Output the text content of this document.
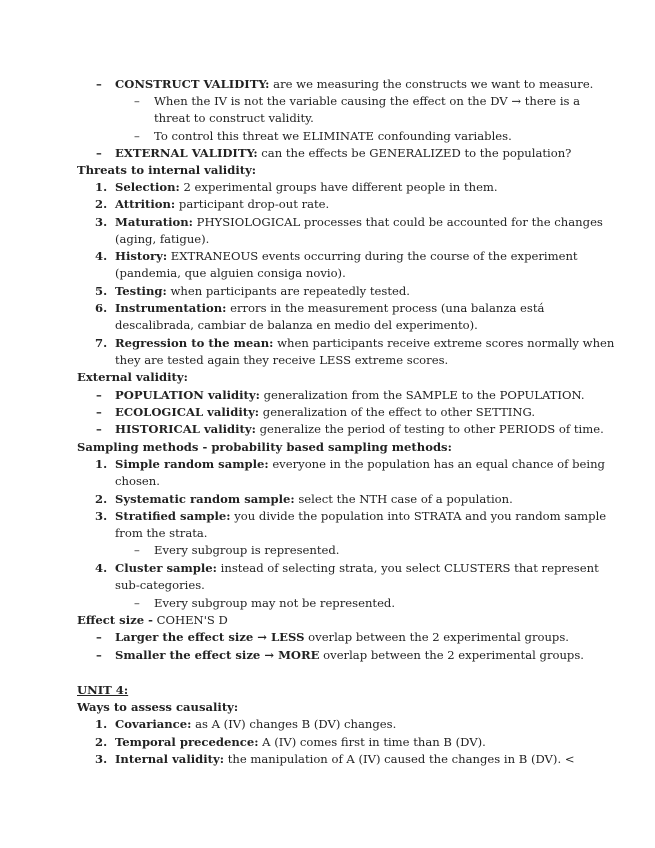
– CONSTRUCT VALIDITY: are we measuring the constructs we want to measure.
– When the IV is not the variable causing the effect on the DV → there is a
threat to construct validity.
– To control this threat we ELIMINATE confounding variables.
– EXTERNAL VALIDITY: can the effects be GENERALIZED to the population?
Threats to internal validity:
1. Selection: 2 experimental groups have different people in them.
2. Attrition: participant drop-out rate.
3. Maturation: PHYSIOLOGICAL processes that could be accounted for the changes
(aging, fatigue).
4. History: EXTRANEOUS events occurring during the course of the experiment
(pandemia, que alguien consiga novio).
5. Testing: when participants are repeatedly tested.
6. Instrumentation: errors in the measurement process (una balanza está
descalibrada, cambiar de balanza en medio del experimento).
7. Regression to the mean: when participants receive extreme scores normally when
they are tested again they receive LESS extreme scores.
External validity:
– POPULATION validity: generalization from the SAMPLE to the POPULATION.
– ECOLOGICAL validity: generalization of the effect to other SETTING.
– HISTORICAL validity: generalize the period of testing to other PERIODS of time.
Sampling methods - probability based sampling methods:
1. Simple random sample: everyone in the population has an equal chance of being
chosen.
2. Systematic random sample: select the NTH case of a population.
3. Stratified sample: you divide the population into STRATA and you random sample
from the strata.
– Every subgroup is represented.
4. Cluster sample: instead of selecting strata, you select CLUSTERS that represent
sub-categories.
– Every subgroup may not be represented.
Effect size - COHEN'S D
– Larger the effect size → LESS overlap between the 2 experimental groups.
– Smaller the effect size → MORE overlap between the 2 experimental groups.
UNIT 4:
Ways to assess causality:
1. Covariance: as A (IV) changes B (DV) changes.
2. Temporal precedence: A (IV) comes first in time than B (DV).
3. Internal validity: the manipulation of A (IV) caused the changes in B (DV). <
